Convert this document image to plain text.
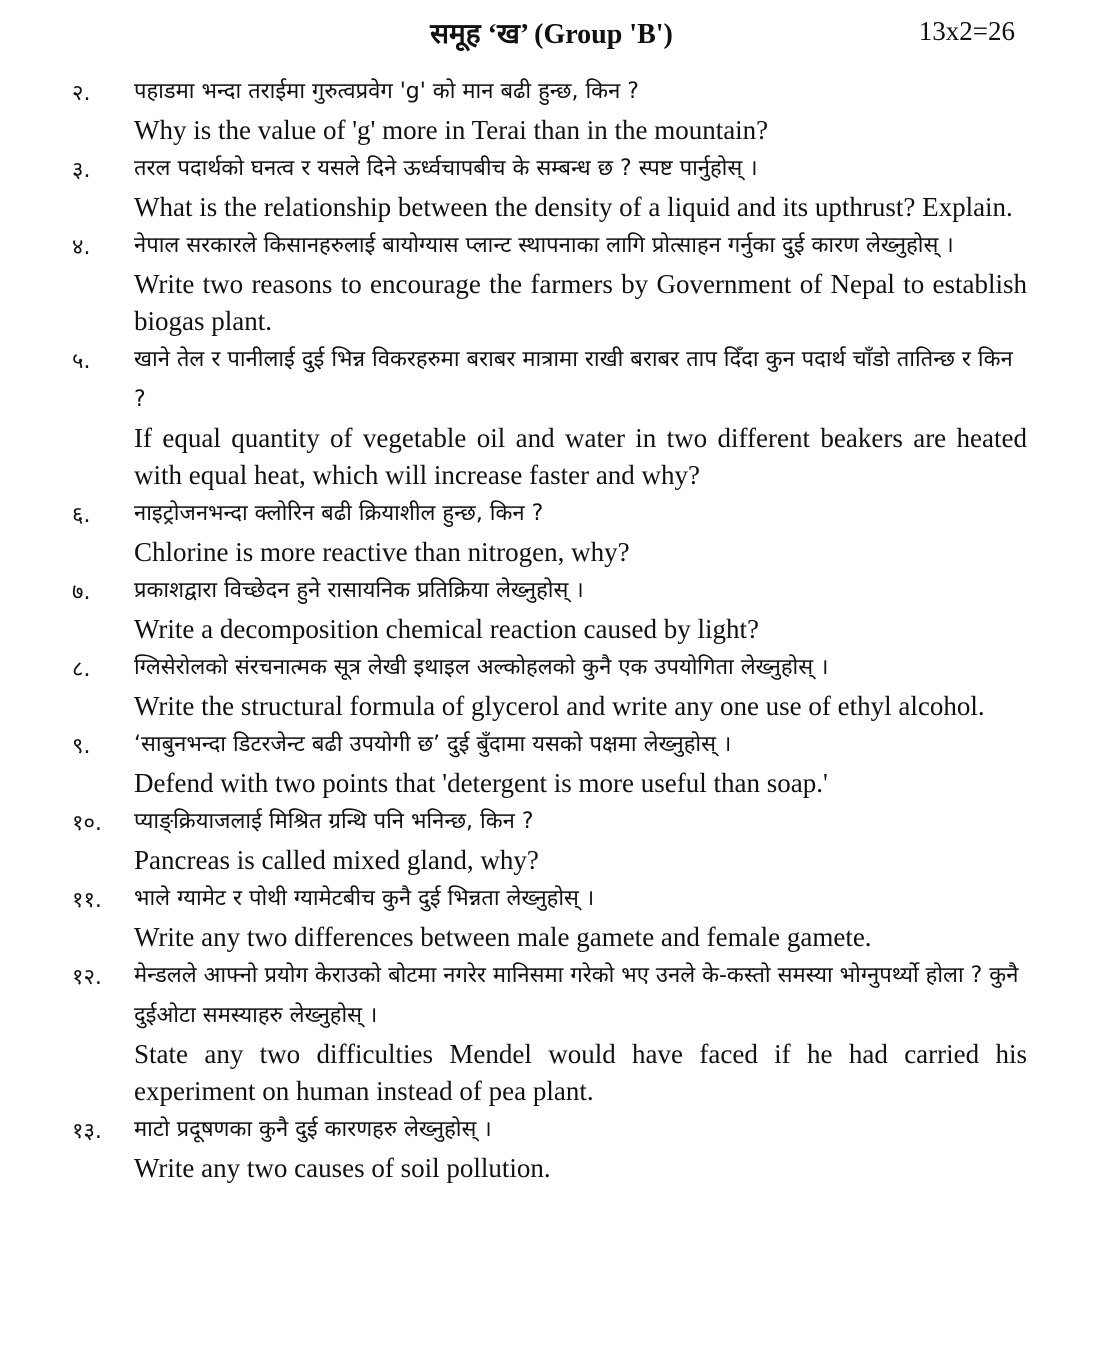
समूह ‘ख’ (Group 'B')	13x2=26
२.	पहाडमा भन्दा तराईमा गुरुत्वप्रवेग 'g' को मान बढी हुन्छ, किन ?
Why is the value of 'g' more in Terai than in the mountain?
३.	तरल पदार्थको घनत्व र यसले दिने ऊर्ध्वचापबीच के सम्बन्ध छ ? स्पष्ट पार्नुहोस् ।
What is the relationship between the density of a liquid and its upthrust? Explain.
४.	नेपाल सरकारले किसानहरुलाई बायोग्यास प्लान्ट स्थापनाका लागि प्रोत्साहन गर्नुका दुई कारण लेख्नुहोस् ।
Write two reasons to encourage the farmers by Government of Nepal to establish biogas plant.
५.	खाने तेल र पानीलाई दुई भिन्न विकरहरुमा बराबर मात्रामा राखी बराबर ताप दिँदा कुन पदार्थ चाँडो तातिन्छ र किन ?
If equal quantity of vegetable oil and water in two different beakers are heated with equal heat, which will increase faster and why?
६.	नाइट्रोजनभन्दा क्लोरिन बढी क्रियाशील हुन्छ, किन ?
Chlorine is more reactive than nitrogen, why?
७.	प्रकाशद्वारा विच्छेदन हुने रासायनिक प्रतिक्रिया लेख्नुहोस् ।
Write a decomposition chemical reaction caused by light?
८.	ग्लिसेरोलको संरचनात्मक सूत्र लेखी इथाइल अल्कोहलको कुनै एक उपयोगिता लेख्नुहोस् ।
Write the structural formula of glycerol and write any one use of ethyl alcohol.
९.	‘साबुनभन्दा डिटरजेन्ट बढी उपयोगी छ’ दुई बुँदामा यसको पक्षमा लेख्नुहोस् ।
Defend with two points that 'detergent is more useful than soap.'
१०.	प्याङ्क्रियाजलाई मिश्रित ग्रन्थि पनि भनिन्छ, किन ?
Pancreas is called mixed gland, why?
११.	भाले ग्यामेट र पोथी ग्यामेटबीच कुनै दुई भिन्नता लेख्नुहोस् ।
Write any two differences between male gamete and female gamete.
१२.	मेन्डलले आफ्नो प्रयोग केराउको बोटमा नगरेर मानिसमा गरेको भए उनले के-कस्तो समस्या भोग्नुपर्थ्यो होला ? कुनै दुईओटा समस्याहरु लेख्नुहोस् ।
State any two difficulties Mendel would have faced if he had carried his experiment on human instead of pea plant.
१३.	माटो प्रदूषणका कुनै दुई कारणहरु लेख्नुहोस् ।
Write any two causes of soil pollution.
